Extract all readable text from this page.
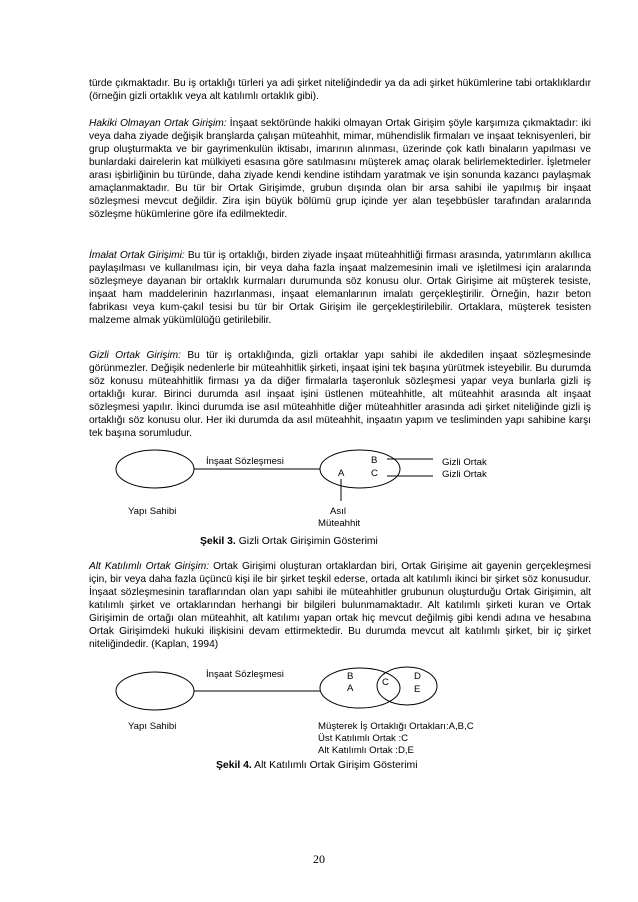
türde çıkmaktadır. Bu iş ortaklığı türleri ya adi şirket niteliğindedir ya da adi şirket hükümlerine tabi ortaklıklardır (örneğin gizli ortaklık veya alt katılımlı ortaklık gibi).

Hakiki Olmayan Ortak Girişim: İnşaat sektöründe hakiki olmayan Ortak Girişim şöyle karşımıza çıkmaktadır: iki veya daha ziyade değişik branşlarda çalışan müteahhit, mimar, mühendislik firmaları ve inşaat teknisyenleri, bir grup oluşturmakta ve bir gayrimenkulün iktisabı, imarının alınması, üzerinde çok katlı binaların yapılması ve bunlardaki dairelerin kat mülkiyeti esasına göre satılmasını müşterek amaç olarak belirlemektedirler. İşletmeler arası işbirliğinin bu türünde, daha ziyade kendi kendine istihdam yaratmak ve işin sonunda kazancı paylaşmak amaçlanmaktadır. Bu tür bir Ortak Girişimde, grubun dışında olan bir arsa sahibi ile yapılmış bir inşaat sözleşmesi mevcut değildir. Zira işin büyük bölümü grup içinde yer alan teşebbüsler tarafından aralarında sözleşme hükümlerine göre ifa edilmektedir.

İmalat Ortak Girişimi: Bu tür iş ortaklığı, birden ziyade inşaat müteahhitliği firması arasında, yatırımların akıllıca paylaşılması ve kullanılması için, bir veya daha fazla inşaat malzemesinin imali ve işletilmesi için aralarında sözleşmeye dayanan bir ortaklık kurmaları durumunda söz konusu olur. Ortak Girişime ait müşterek tesiste, inşaat ham maddelerinin hazırlanması, inşaat elemanlarının imalatı gerçekleştirilir. Örneğin, hazır beton fabrikası veya kum-çakıl tesisi bu tür bir Ortak Girişim ile gerçekleştirilebilir. Ortaklara, müşterek tesisten malzeme almak yükümlülüğü getirilebilir.

Gizli Ortak Girişim: Bu tür iş ortaklığında, gizli ortaklar yapı sahibi ile akdedilen inşaat sözleşmesinde görünmezler. Değişik nedenlerle bir müteahhitlik şirketi, inşaat işini tek başına yürütmek isteyebilir. Bu durumda söz konusu müteahhitlik firması ya da diğer firmalarla taşeronluk sözleşmesi yapar veya bunlarla gizli iş ortaklığı kurar. Birinci durumda asıl inşaat işini üstlenen müteahhitle, alt müteahhit arasında alt inşaat sözleşmesi yapılır. İkinci durumda ise asıl müteahhitle diğer müteahhitler arasında adi şirket niteliğinde gizli iş ortaklığı söz konusu olur. Her iki durumda da asıl müteahhit, inşaatın yapım ve tesliminden yapı sahibine karşı tek başına sorumludur.

İnşaat Sözleşmesi	B
A	C
Gizli Ortak
Gizli Ortak
Yapı Sahibi	Asıl
Müteahhit
Şekil 3. Gizli Ortak Girişimin Gösterimi

Alt Katılımlı Ortak Girişim: Ortak Girişimi oluşturan ortaklardan biri, Ortak Girişime ait gayenin gerçekleşmesi için, bir veya daha fazla üçüncü kişi ile bir şirket teşkil ederse, ortada alt katılımlı ikinci bir şirket söz konusudur. İnşaat sözleşmesinin taraflarından olan yapı sahibi ile müteahhitler grubunun oluşturduğu Ortak Girişimin, alt katılımlı şirket ve ortaklarından herhangi bir bilgileri bulunmamaktadır. Alt katılımlı şirketi kuran ve Ortak Girişimin de ortağı olan müteahhit, alt katılımı yapan ortak hiç mevcut değilmiş gibi kendi adına ve hesabına Ortak Girişimdeki hukuki ilişkisini devam ettirmektedir. Bu durumda mevcut alt katılımlı şirket, bir iç şirket niteliğindedir. (Kaplan, 1994)

İnşaat Sözleşmesi	B
A
C
D
E
Yapı Sahibi	Müşterek İş Ortaklığı Ortakları:A,B,C
Üst Katılımlı Ortak :C
Alt Katılımlı Ortak :D,E
Şekil 4. Alt Katılımlı Ortak Girişim Gösterimi
20
